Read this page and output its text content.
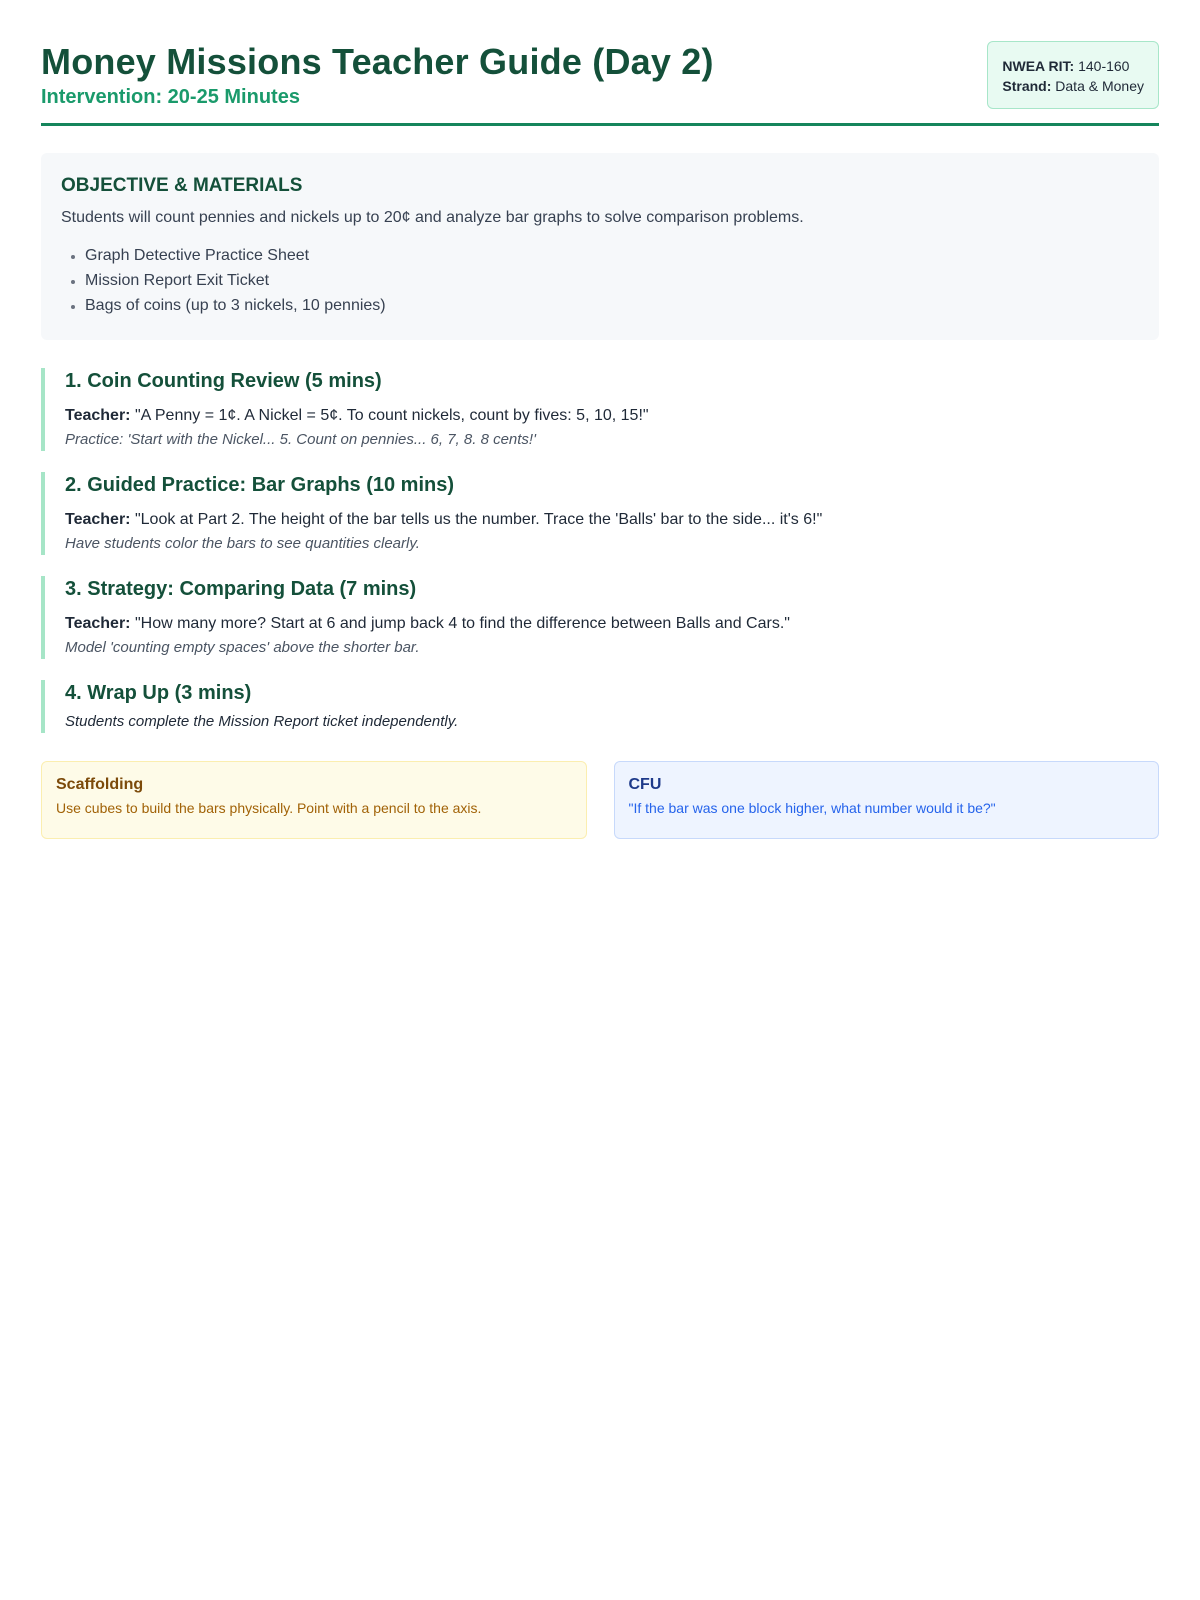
Money Missions Teacher Guide (Day 2)
Intervention: 20-25 Minutes
NWEA RIT: 140-160
Strand: Data & Money
OBJECTIVE & MATERIALS

Students will count pennies and nickels up to 20¢ and analyze bar graphs to solve comparison problems.

• Graph Detective Practice Sheet
• Mission Report Exit Ticket
• Bags of coins (up to 3 nickels, 10 pennies)
1. Coin Counting Review (5 mins)

Teacher: "A Penny = 1¢. A Nickel = 5¢. To count nickels, count by fives: 5, 10, 15!"

Practice: 'Start with the Nickel... 5. Count on pennies... 6, 7, 8. 8 cents!'

2. Guided Practice: Bar Graphs (10 mins)

Teacher: "Look at Part 2. The height of the bar tells us the number. Trace the 'Balls' bar to the side... it's 6!"

Have students color the bars to see quantities clearly.

3. Strategy: Comparing Data (7 mins)

Teacher: "How many more? Start at 6 and jump back 4 to find the difference between Balls and Cars."

Model 'counting empty spaces' above the shorter bar.

4. Wrap Up (3 mins)

Students complete the Mission Report ticket independently.

Scaffolding

Use cubes to build the bars physically. Point with a pencil to the axis.

CFU

"If the bar was one block higher, what number would it be?"
